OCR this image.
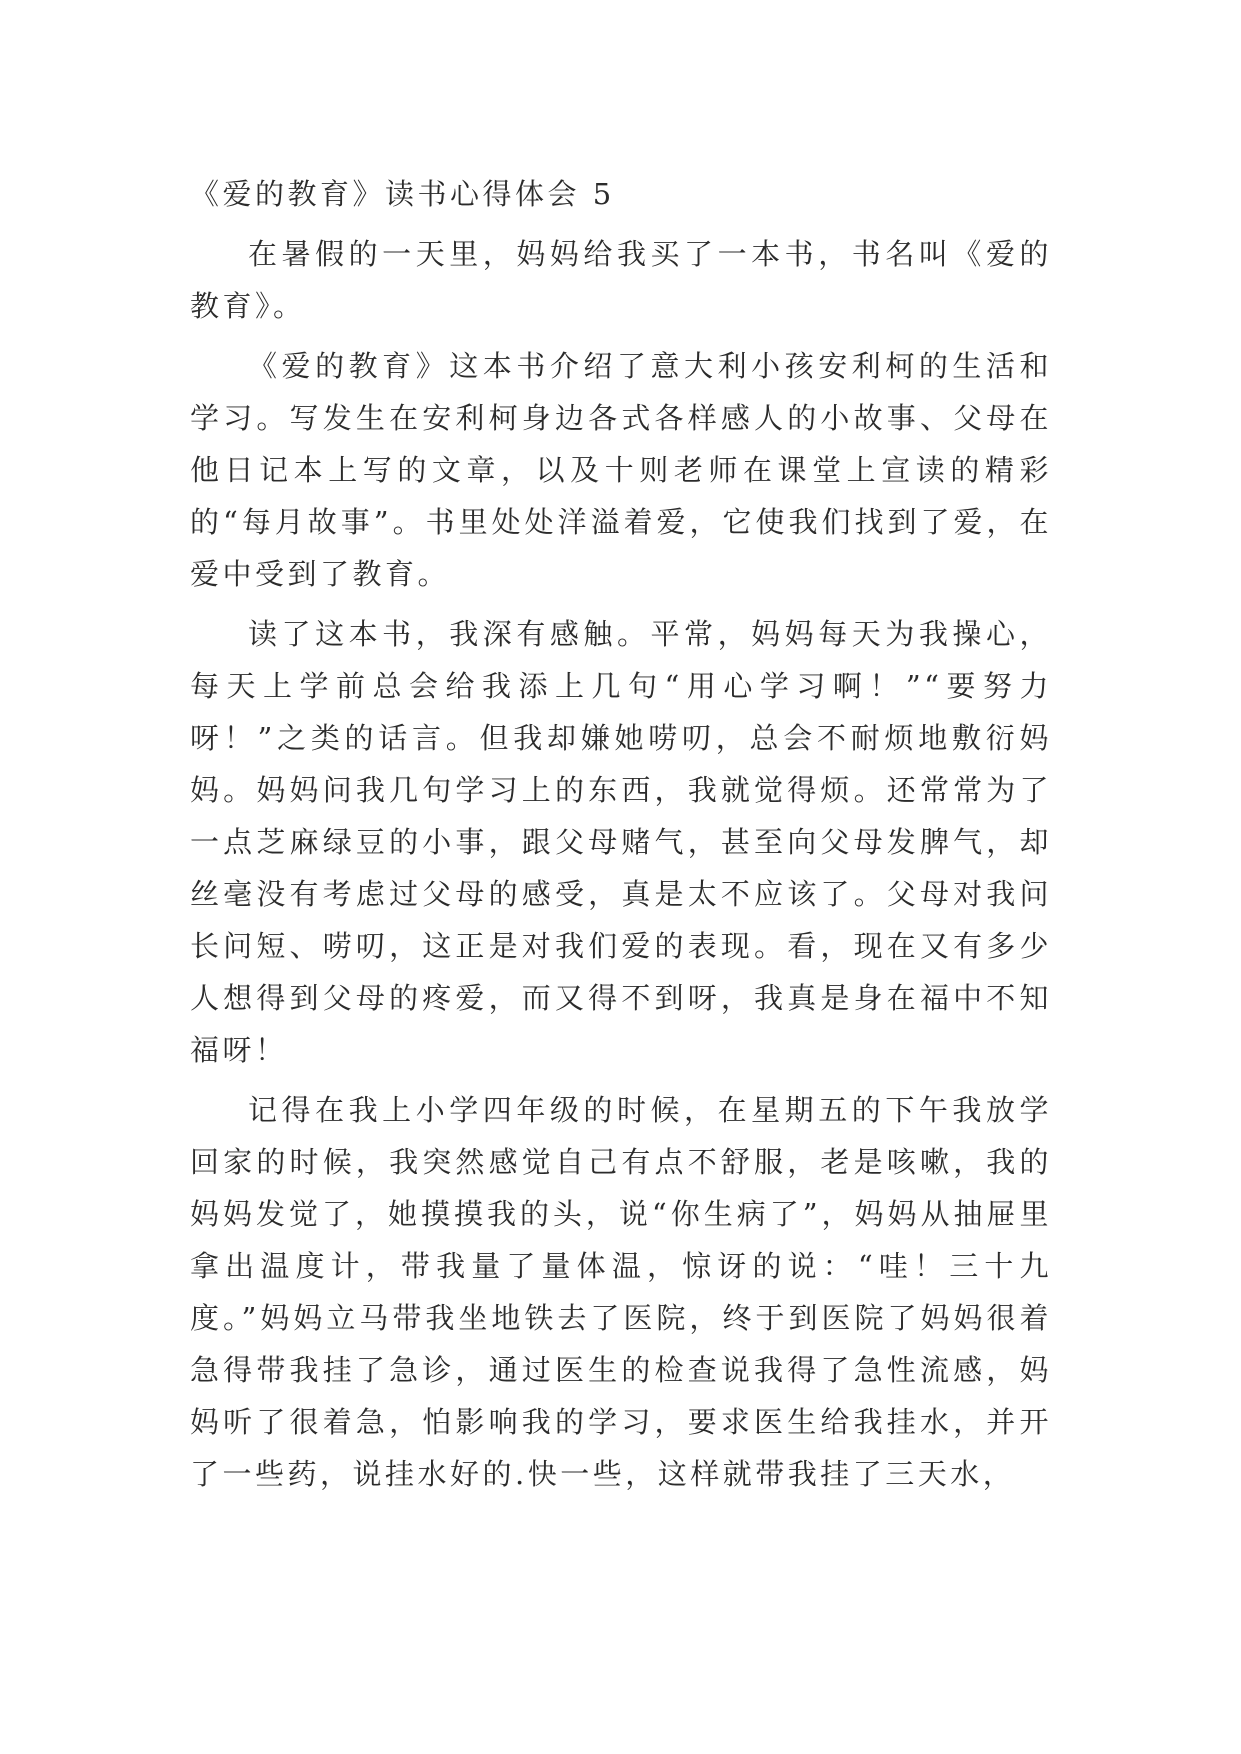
《爱的教育》读书心得体会 5

在暑假的一天里，妈妈给我买了一本书，书名叫《爱的教育》。

《爱的教育》这本书介绍了意大利小孩安利柯的生活和学习。写发生在安利柯身边各式各样感人的小故事、父母在他日记本上写的文章，以及十则老师在课堂上宣读的精彩的“每月故事”。书里处处洋溢着爱，它使我们找到了爱，在爱中受到了教育。

读了这本书，我深有感触。平常，妈妈每天为我操心，每天上学前总会给我添上几句“用心学习啊！”“要努力呀！”之类的话言。但我却嫌她唠叨，总会不耐烦地敷衍妈妈。妈妈问我几句学习上的东西，我就觉得烦。还常常为了一点芝麻绿豆的小事，跟父母赌气，甚至向父母发脾气，却丝毫没有考虑过父母的感受，真是太不应该了。父母对我问长问短、唠叨，这正是对我们爱的表现。看，现在又有多少人想得到父母的疼爱，而又得不到呀，我真是身在福中不知福呀！

记得在我上小学四年级的时候，在星期五的下午我放学回家的时候，我突然感觉自己有点不舒服，老是咳嗽，我的妈妈发觉了，她摸摸我的头，说“你生病了”，妈妈从抽屉里拿出温度计，带我量了量体温，惊讶的说：“哇！三十九度。”妈妈立马带我坐地铁去了医院，终于到医院了妈妈很着急得带我挂了急诊，通过医生的检查说我得了急性流感，妈妈听了很着急，怕影响我的学习，要求医生给我挂水，并开了一些药，说挂水好的.快一些，这样就带我挂了三天水，
